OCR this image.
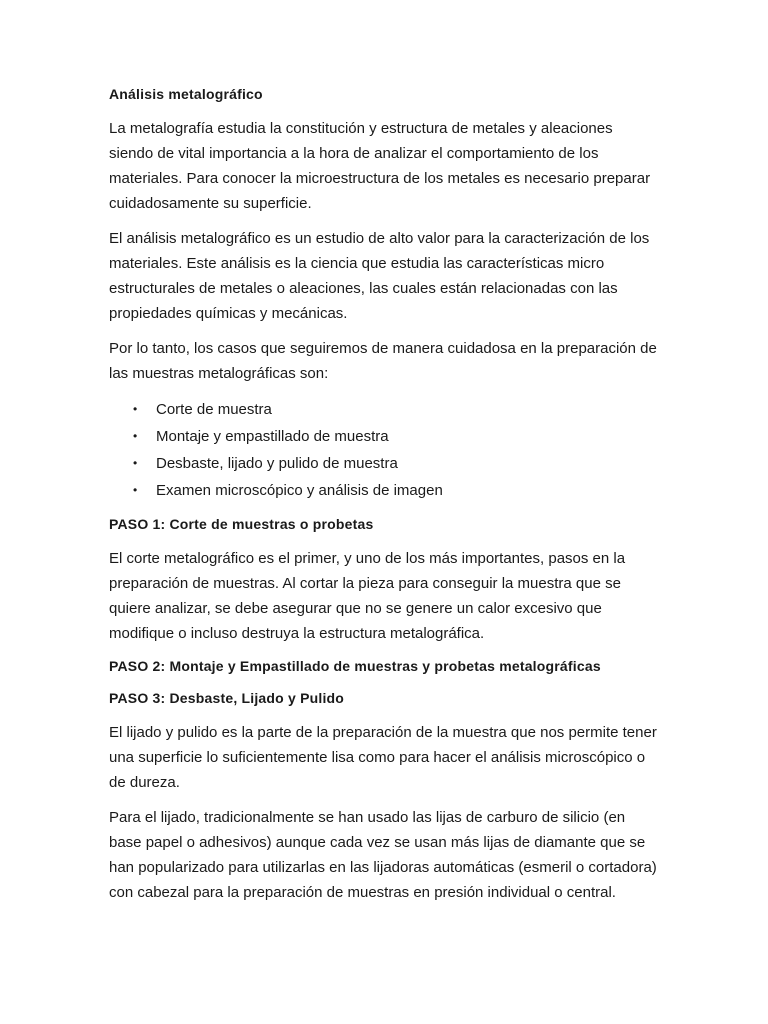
Análisis metalográfico

La metalografía estudia la constitución y estructura de metales y aleaciones siendo de vital importancia a la hora de analizar el comportamiento de los materiales. Para conocer la microestructura de los metales es necesario preparar cuidadosamente su superficie.

El análisis metalográfico es un estudio de alto valor para la caracterización de los materiales. Este análisis es la ciencia que estudia las características micro estructurales de metales o aleaciones, las cuales están relacionadas con las propiedades químicas y mecánicas.

Por lo tanto, los casos que seguiremos de manera cuidadosa en la preparación de las muestras metalográficas son:

• Corte de muestra
• Montaje y empastillado de muestra
• Desbaste, lijado y pulido de muestra
• Examen microscópico y análisis de imagen
PASO 1: Corte de muestras o probetas

El corte metalográfico es el primer, y uno de los más importantes, pasos en la preparación de muestras. Al cortar la pieza para conseguir la muestra que se quiere analizar, se debe asegurar que no se genere un calor excesivo que modifique o incluso destruya la estructura metalográfica.

PASO 2: Montaje y Empastillado de muestras y probetas metalográficas
PASO 3: Desbaste, Lijado y Pulido

El lijado y pulido es la parte de la preparación de la muestra que nos permite tener una superficie lo suficientemente lisa como para hacer el análisis microscópico o de dureza.

Para el lijado, tradicionalmente se han usado las lijas de carburo de silicio (en base papel o adhesivos) aunque cada vez se usan más lijas de diamante que se han popularizado para utilizarlas en las lijadoras automáticas (esmeril o cortadora) con cabezal para la preparación de muestras en presión individual o central.
